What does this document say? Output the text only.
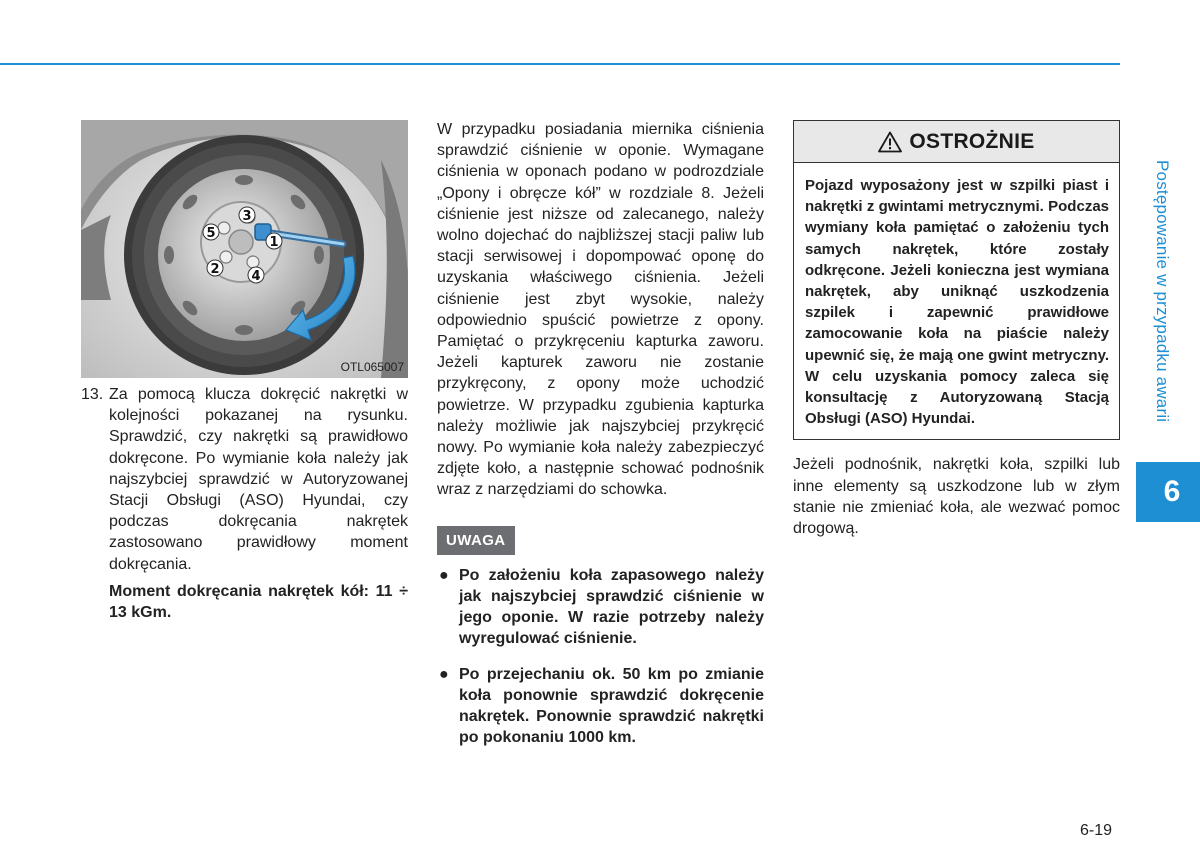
Postępowanie w przypadku awarii
6
1
3
5
2 4
OTL065007
13. Za pomocą klucza dokręcić nakrętki w kolejności pokazanej na rysunku. Sprawdzić, czy nakrętki są prawidłowo dokręcone. Po wymianie koła należy jak najszybciej sprawdzić w Autoryzowanej Stacji Obsługi (ASO) Hyundai, czy podczas dokręcania nakrętek zastosowano prawidłowy moment dokręcania.
Moment dokręcania nakrętek kół: 11 ÷ 13 kGm.
W przypadku posiadania miernika ciśnienia sprawdzić ciśnienie w oponie. Wymagane ciśnienia w oponach podano w podrozdziale „Opony i obręcze kół” w rozdziale 8. Jeżeli ciśnienie jest niższe od zalecanego, należy wolno dojechać do najbliższej stacji paliw lub stacji serwisowej i dopompować oponę do uzyskania właściwego ciśnienia. Jeżeli ciśnienie jest zbyt wysokie, należy odpowiednio spuścić powietrze z opony. Pamiętać o przykręceniu kapturka zaworu. Jeżeli kapturek zaworu nie zostanie przykręcony, z opony może uchodzić powietrze. W przypadku zgubienia kapturka należy możliwie jak najszybciej przykręcić nowy. Po wymianie koła należy zabezpieczyć zdjęte koło, a następnie schować podnośnik wraz z narzędziami do schowka.
UWAGA
● Po założeniu koła zapasowego należy jak najszybciej sprawdzić ciśnienie w jego oponie. W razie potrzeby należy wyregulować ciśnienie.
● Po przejechaniu ok. 50 km po zmianie koła ponownie sprawdzić dokręcenie nakrętek. Ponownie sprawdzić nakrętki po pokonaniu 1000 km.
OSTROŻNIE
Pojazd wyposażony jest w szpilki piast i nakrętki z gwintami metrycznymi. Podczas wymiany koła pamiętać o założeniu tych samych nakrętek, które zostały odkręcone. Jeżeli konieczna jest wymiana nakrętek, aby uniknąć uszkodzenia szpilek i zapewnić prawidłowe zamocowanie koła na piaście należy upewnić się, że mają one gwint metryczny. W celu uzyskania pomocy zaleca się konsultację z Autoryzowaną Stacją Obsługi (ASO) Hyundai.
Jeżeli podnośnik, nakrętki koła, szpilki lub inne elementy są uszkodzone lub w złym stanie nie zmieniać koła, ale wezwać pomoc drogową.
6-19
